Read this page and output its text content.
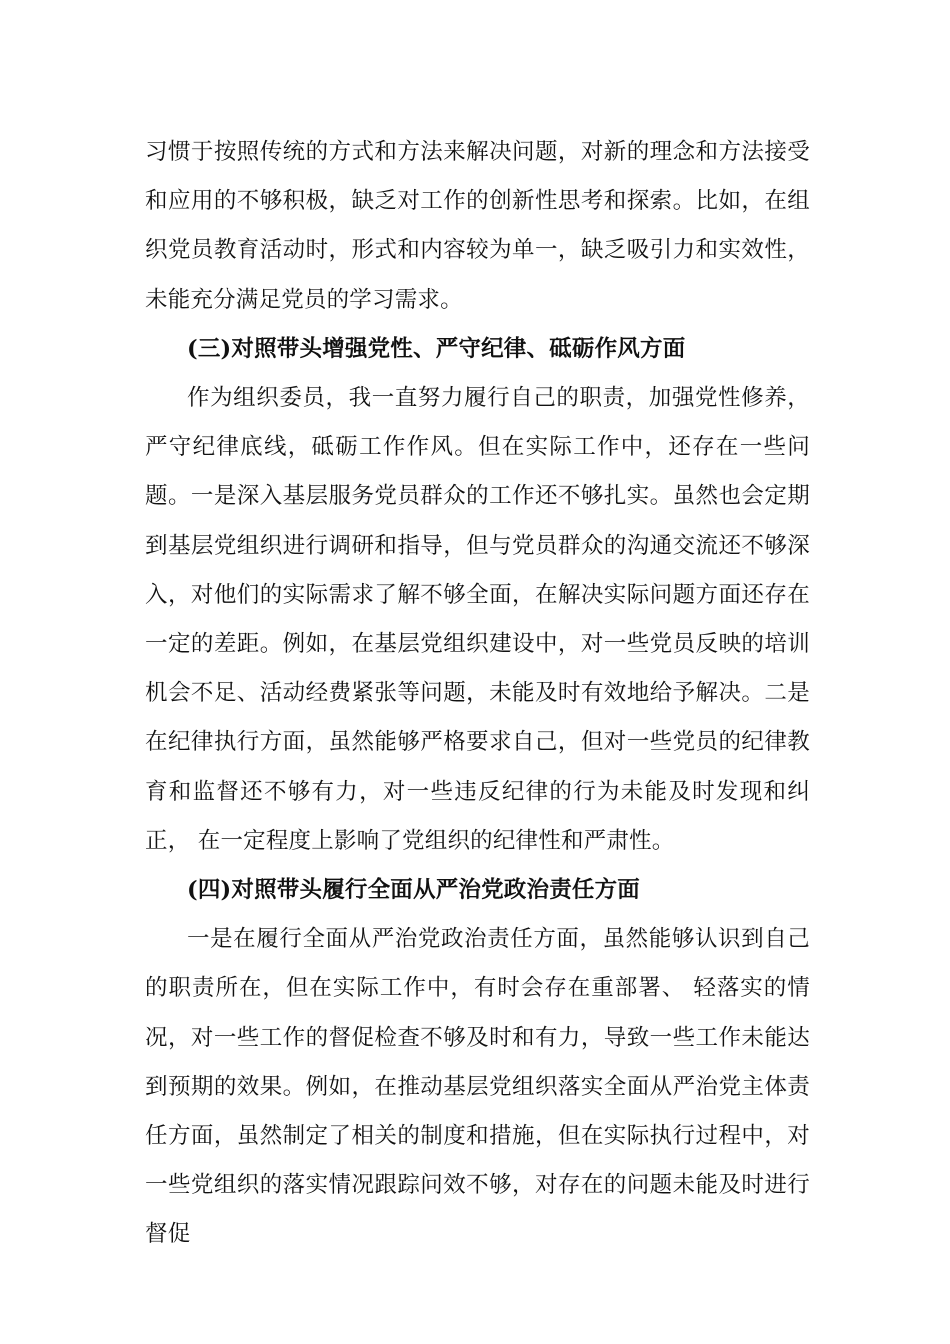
习惯于按照传统的方式和方法来解决问题，对新的理念和方法接受和应用的不够积极，缺乏对工作的创新性思考和探索。比如，在组织党员教育活动时，形式和内容较为单一，缺乏吸引力和实效性，未能充分满足党员的学习需求。

(三)对照带头增强党性、严守纪律、砥砺作风方面

作为组织委员，我一直努力履行自己的职责，加强党性修养，严守纪律底线，砥砺工作作风。但在实际工作中，还存在一些问题。一是深入基层服务党员群众的工作还不够扎实。虽然也会定期到基层党组织进行调研和指导，但与党员群众的沟通交流还不够深入，对他们的实际需求了解不够全面，在解决实际问题方面还存在一定的差距。例如，在基层党组织建设中，对一些党员反映的培训机会不足、活动经费紧张等问题，未能及时有效地给予解决。二是在纪律执行方面，虽然能够严格要求自己，但对一些党员的纪律教育和监督还不够有力，对一些违反纪律的行为未能及时发现和纠正， 在一定程度上影响了党组织的纪律性和严肃性。

(四)对照带头履行全面从严治党政治责任方面

一是在履行全面从严治党政治责任方面，虽然能够认识到自己的职责所在，但在实际工作中，有时会存在重部署、 轻落实的情况，对一些工作的督促检查不够及时和有力，导致一些工作未能达到预期的效果。例如，在推动基层党组织落实全面从严治党主体责任方面，虽然制定了相关的制度和措施，但在实际执行过程中，对一些党组织的落实情况跟踪问效不够，对存在的问题未能及时进行督促
